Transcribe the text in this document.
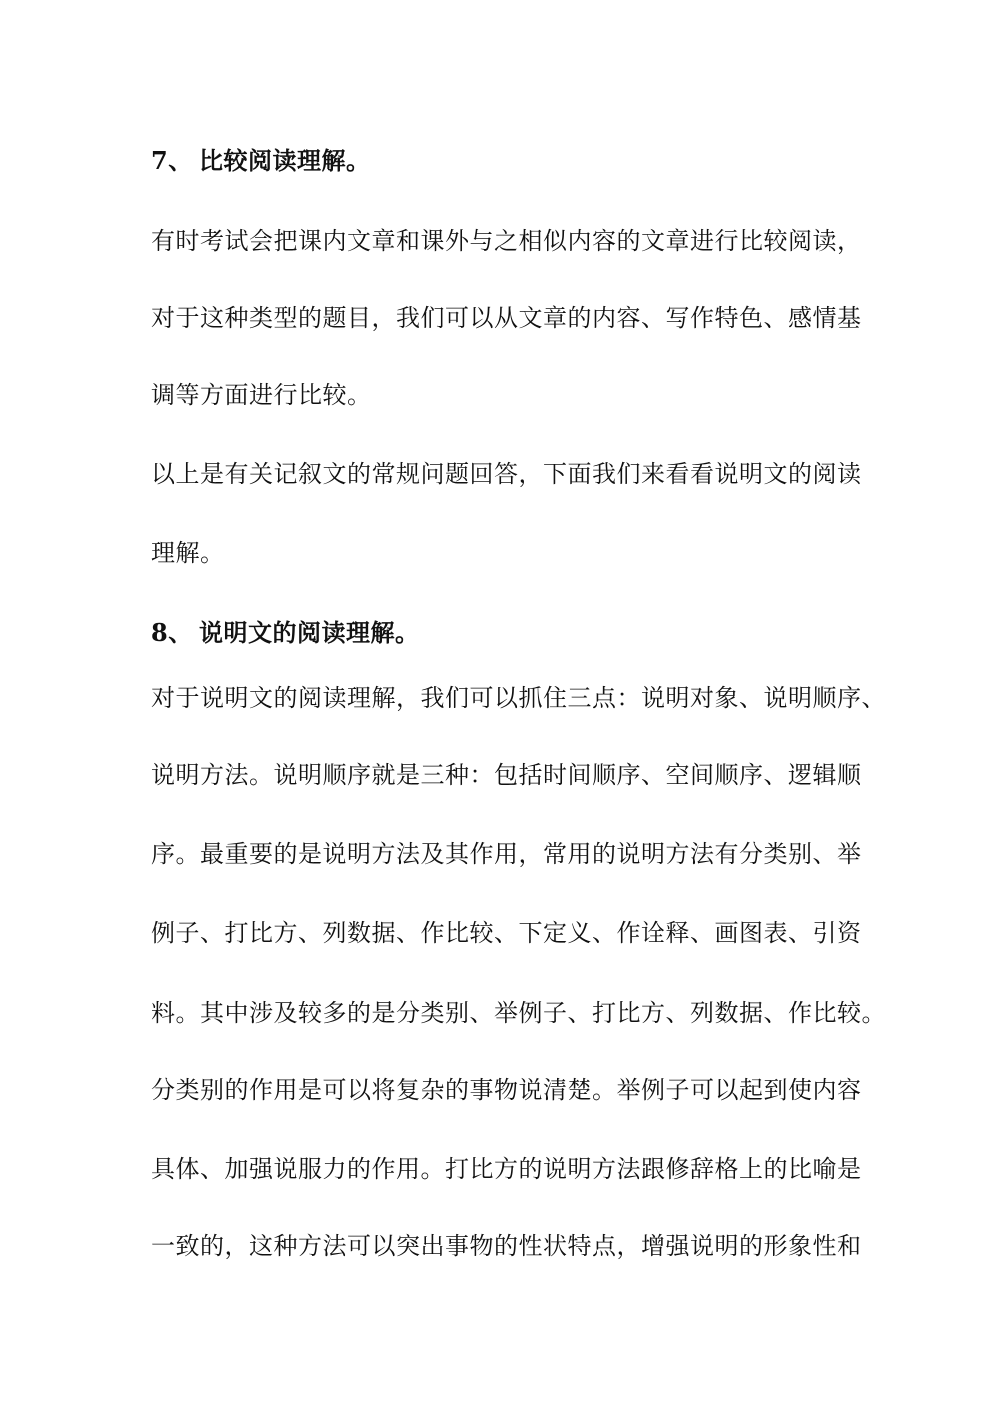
7、 比较阅读理解。
有时考试会把课内文章和课外与之相似内容的文章进行比较阅读，
对于这种类型的题目，我们可以从文章的内容、写作特色、感情基
调等方面进行比较。
以上是有关记叙文的常规问题回答，下面我们来看看说明文的阅读
理解。
8、 说明文的阅读理解。
对于说明文的阅读理解，我们可以抓住三点：说明对象、说明顺序、
说明方法。说明顺序就是三种：包括时间顺序、空间顺序、逻辑顺
序。最重要的是说明方法及其作用，常用的说明方法有分类别、举
例子、打比方、列数据、作比较、下定义、作诠释、画图表、引资
料。其中涉及较多的是分类别、举例子、打比方、列数据、作比较。
分类别的作用是可以将复杂的事物说清楚。举例子可以起到使内容
具体、加强说服力的作用。打比方的说明方法跟修辞格上的比喻是
一致的，这种方法可以突出事物的性状特点，增强说明的形象性和
